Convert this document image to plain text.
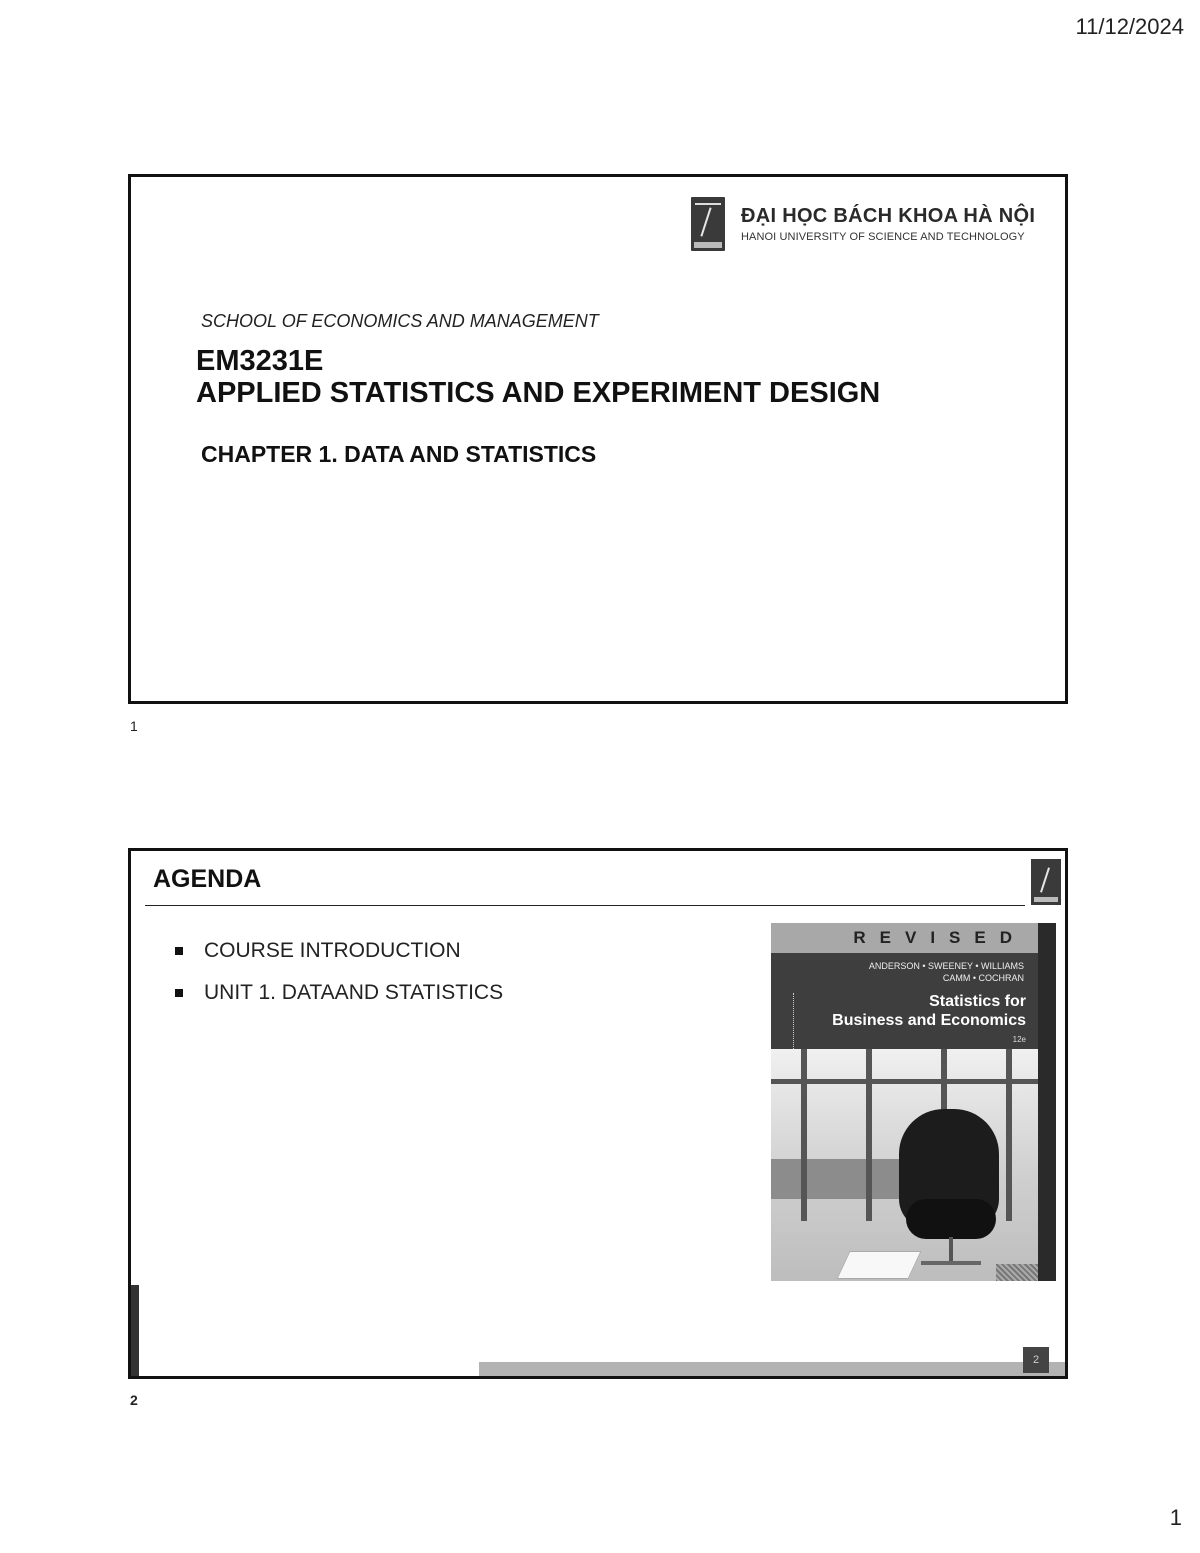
11/12/2024
ĐẠI HỌC BÁCH KHOA HÀ NỘI
HANOI UNIVERSITY OF SCIENCE AND TECHNOLOGY
SCHOOL OF ECONOMICS AND MANAGEMENT
EM3231E
APPLIED STATISTICS AND EXPERIMENT DESIGN
CHAPTER 1. DATA AND STATISTICS
1
AGENDA
COURSE INTRODUCTION
UNIT 1. DATAAND STATISTICS
REVISED
ANDERSON • SWEENEY • WILLIAMS
CAMM • COCHRAN
Statistics for
Business and Economics
12e
2
2
1
